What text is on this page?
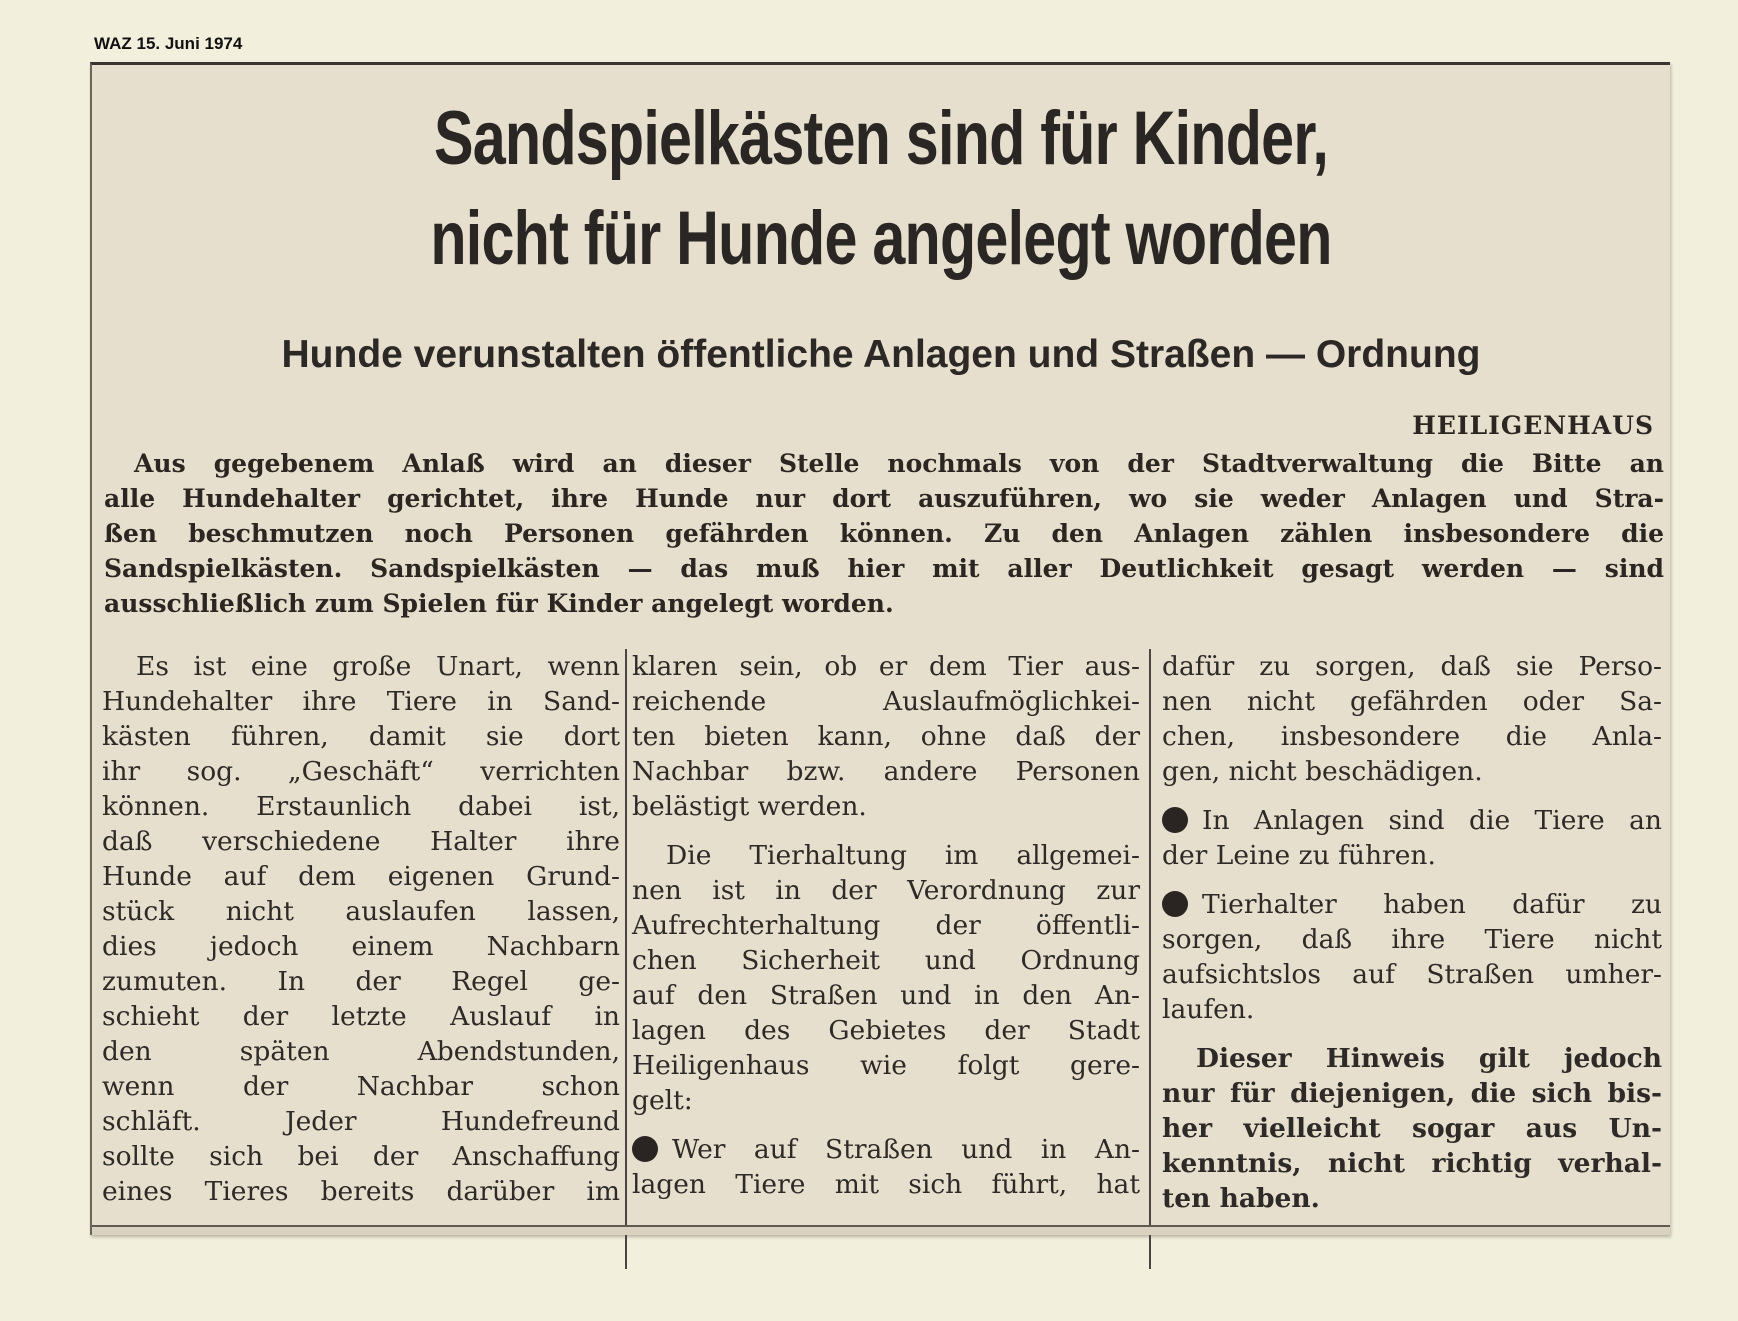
WAZ 15. Juni 1974
Sandspielkästen sind für Kinder,
nicht für Hunde angelegt worden
Hunde verunstalten öffentliche Anlagen und Straßen — Ordnung
HEILIGENHAUS
Aus gegebenem Anlaß wird an dieser Stelle nochmals von der Stadtverwaltung die Bitte an
alle Hundehalter gerichtet, ihre Hunde nur dort auszuführen, wo sie weder Anlagen und Stra-
ßen beschmutzen noch Personen gefährden können. Zu den Anlagen zählen insbesondere die
Sandspielkästen. Sandspielkästen — das muß hier mit aller Deutlichkeit gesagt werden — sind
ausschließlich zum Spielen für Kinder angelegt worden.
Es ist eine große Unart, wenn
Hundehalter ihre Tiere in Sand-
kästen führen, damit sie dort
ihr sog. „Geschäft“ verrichten
können. Erstaunlich dabei ist,
daß verschiedene Halter ihre
Hunde auf dem eigenen Grund-
stück nicht auslaufen lassen,
dies jedoch einem Nachbarn
zumuten. In der Regel ge-
schieht der letzte Auslauf in
den späten Abendstunden,
wenn der Nachbar schon
schläft. Jeder Hundefreund
sollte sich bei der Anschaffung
eines Tieres bereits darüber im
klaren sein, ob er dem Tier aus-
reichende Auslaufmöglichkei-
ten bieten kann, ohne daß der
Nachbar bzw. andere Personen
belästigt werden.
Die Tierhaltung im allgemei-
nen ist in der Verordnung zur
Aufrechterhaltung der öffentli-
chen Sicherheit und Ordnung
auf den Straßen und in den An-
lagen des Gebietes der Stadt
Heiligenhaus wie folgt gere-
gelt:
Wer auf Straßen und in An-
lagen Tiere mit sich führt, hat
dafür zu sorgen, daß sie Perso-
nen nicht gefährden oder Sa-
chen, insbesondere die Anla-
gen, nicht beschädigen.
In Anlagen sind die Tiere an
der Leine zu führen.
Tierhalter haben dafür zu
sorgen, daß ihre Tiere nicht
aufsichtslos auf Straßen umher-
laufen.
Dieser Hinweis gilt jedoch
nur für diejenigen, die sich bis-
her vielleicht sogar aus Un-
kenntnis, nicht richtig verhal-
ten haben.
